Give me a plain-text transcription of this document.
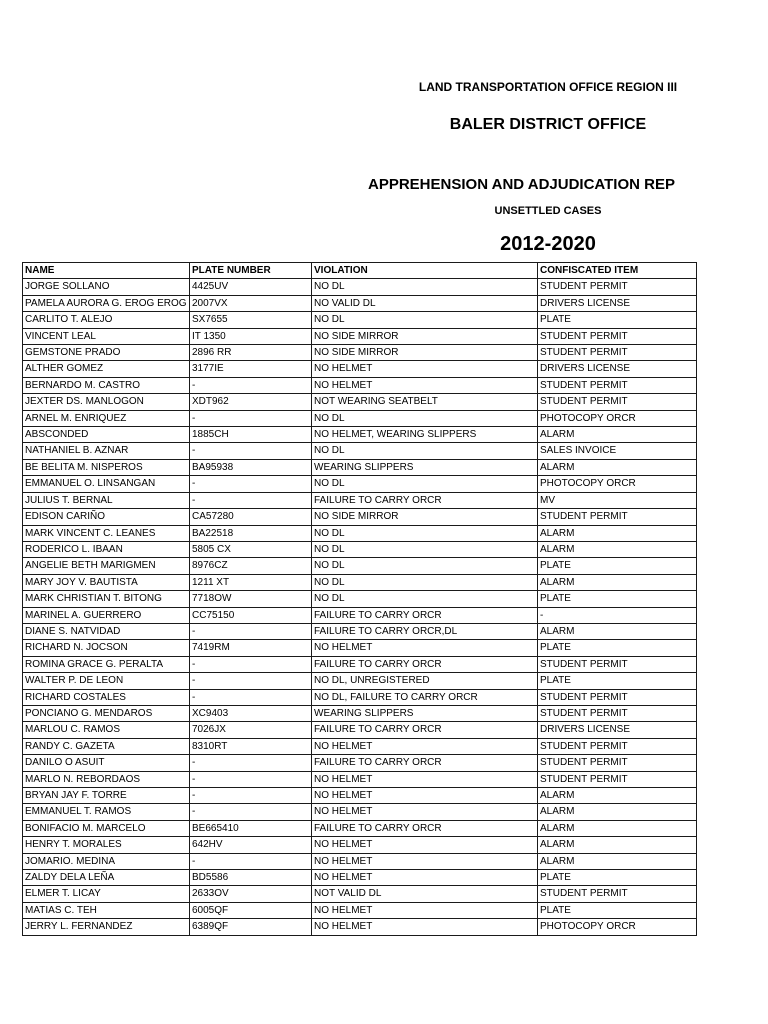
LAND TRANSPORTATION OFFICE REGION III
BALER DISTRICT OFFICE
APPREHENSION AND ADJUDICATION REP
UNSETTLED CASES
2012-2020
NAME	PLATE NUMBER	VIOLATION	CONFISCATED ITEM
JORGE SOLLANO	4425UV	NO DL	STUDENT PERMIT
PAMELA AURORA G. EROG EROG	2007VX	NO VALID DL	DRIVERS LICENSE
CARLITO T. ALEJO	SX7655	NO DL	PLATE
VINCENT LEAL	IT 1350	NO SIDE MIRROR	STUDENT PERMIT
GEMSTONE PRADO	2896 RR	NO SIDE MIRROR	STUDENT PERMIT
ALTHER GOMEZ	3177IE	NO HELMET	DRIVERS LICENSE
BERNARDO M. CASTRO	-	NO HELMET	STUDENT PERMIT
JEXTER DS. MANLOGON	XDT962	NOT WEARING SEATBELT	STUDENT PERMIT
ARNEL M. ENRIQUEZ	-	NO DL	PHOTOCOPY ORCR
ABSCONDED	1885CH	NO HELMET, WEARING SLIPPERS	ALARM
NATHANIEL B. AZNAR	-	NO DL	SALES INVOICE
BE BELITA M. NISPEROS	BA95938	WEARING SLIPPERS	ALARM
EMMANUEL O. LINSANGAN	-	NO DL	PHOTOCOPY ORCR
JULIUS T. BERNAL	-	FAILURE TO CARRY ORCR	MV
EDISON CARIÑO	CA57280	NO SIDE MIRROR	STUDENT PERMIT
MARK VINCENT C. LEANES	BA22518	NO DL	ALARM
RODERICO L. IBAAN	5805 CX	NO DL	ALARM
ANGELIE BETH MARIGMEN	8976CZ	NO DL	PLATE
MARY JOY V. BAUTISTA	1211 XT	NO DL	ALARM
MARK CHRISTIAN T. BITONG	7718OW	NO DL	PLATE
MARINEL A. GUERRERO	CC75150	FAILURE TO CARRY ORCR	-
DIANE S. NATVIDAD	-	FAILURE TO CARRY ORCR,DL	ALARM
RICHARD N. JOCSON	7419RM	NO HELMET	PLATE
ROMINA GRACE G. PERALTA	-	FAILURE TO CARRY ORCR	STUDENT PERMIT
WALTER P. DE LEON	-	NO DL, UNREGISTERED	PLATE
RICHARD COSTALES	-	NO DL, FAILURE TO CARRY ORCR	STUDENT PERMIT
PONCIANO G. MENDAROS	XC9403	WEARING SLIPPERS	STUDENT PERMIT
MARLOU C. RAMOS	7026JX	FAILURE TO CARRY ORCR	DRIVERS LICENSE
RANDY C. GAZETA	8310RT	NO HELMET	STUDENT PERMIT
DANILO O ASUIT	-	FAILURE TO CARRY ORCR	STUDENT PERMIT
MARLO N. REBORDAOS	-	NO HELMET	STUDENT PERMIT
BRYAN JAY F. TORRE	-	NO HELMET	ALARM
EMMANUEL T. RAMOS	-	NO HELMET	ALARM
BONIFACIO M. MARCELO	BE665410	FAILURE TO CARRY ORCR	ALARM
HENRY T. MORALES	642HV	NO HELMET	ALARM
JOMARIO. MEDINA	-	NO HELMET	ALARM
ZALDY DELA LEÑA	BD5586	NO HELMET	PLATE
ELMER T. LICAY	2633OV	NOT VALID DL	STUDENT PERMIT
MATIAS C. TEH	6005QF	NO HELMET	PLATE
JERRY L. FERNANDEZ	6389QF	NO HELMET	PHOTOCOPY ORCR
